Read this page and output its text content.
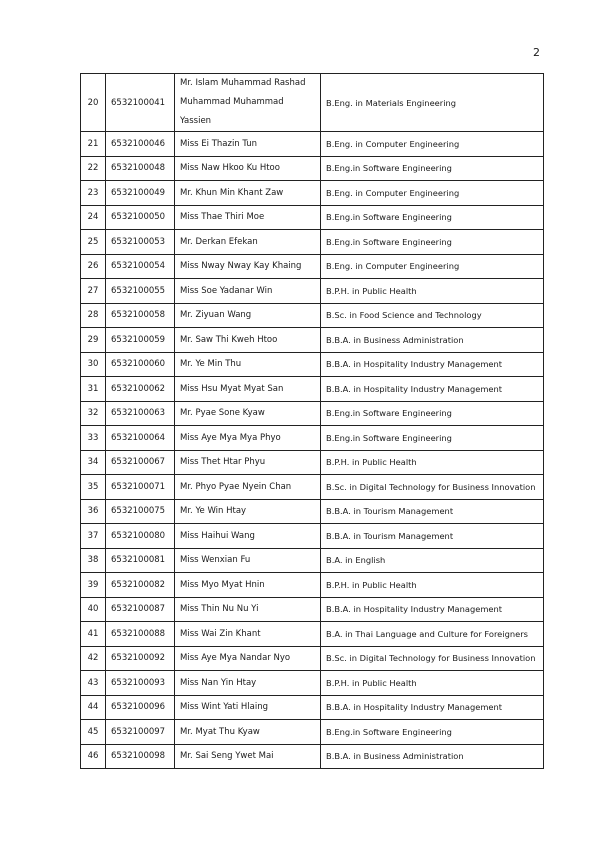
2
20	6532100041	Mr. Islam Muhammad Rashad Muhammad Muhammad Yassien	B.Eng. in Materials Engineering
21	6532100046	Miss Ei Thazin Tun	B.Eng. in Computer Engineering
22	6532100048	Miss Naw Hkoo Ku Htoo	B.Eng.in Software Engineering
23	6532100049	Mr. Khun Min Khant Zaw	B.Eng. in Computer Engineering
24	6532100050	Miss Thae Thiri Moe	B.Eng.in Software Engineering
25	6532100053	Mr. Derkan Efekan	B.Eng.in Software Engineering
26	6532100054	Miss Nway Nway Kay Khaing	B.Eng. in Computer Engineering
27	6532100055	Miss Soe Yadanar Win	B.P.H. in Public Health
28	6532100058	Mr. Ziyuan Wang	B.Sc. in Food Science and Technology
29	6532100059	Mr. Saw Thi Kweh Htoo	B.B.A. in Business Administration
30	6532100060	Mr. Ye Min Thu	B.B.A. in Hospitality Industry Management
31	6532100062	Miss Hsu Myat Myat San	B.B.A. in Hospitality Industry Management
32	6532100063	Mr. Pyae Sone Kyaw	B.Eng.in Software Engineering
33	6532100064	Miss Aye Mya Mya Phyo	B.Eng.in Software Engineering
34	6532100067	Miss Thet Htar Phyu	B.P.H. in Public Health
35	6532100071	Mr. Phyo Pyae Nyein Chan	B.Sc. in Digital Technology for Business Innovation
36	6532100075	Mr. Ye Win Htay	B.B.A. in Tourism Management
37	6532100080	Miss Haihui Wang	B.B.A. in Tourism Management
38	6532100081	Miss Wenxian Fu	B.A. in English
39	6532100082	Miss Myo Myat Hnin	B.P.H. in Public Health
40	6532100087	Miss Thin Nu Nu Yi	B.B.A. in Hospitality Industry Management
41	6532100088	Miss Wai Zin Khant	B.A. in Thai Language and Culture for Foreigners
42	6532100092	Miss Aye Mya Nandar Nyo	B.Sc. in Digital Technology for Business Innovation
43	6532100093	Miss Nan Yin Htay	B.P.H. in Public Health
44	6532100096	Miss Wint Yati Hlaing	B.B.A. in Hospitality Industry Management
45	6532100097	Mr. Myat Thu Kyaw	B.Eng.in Software Engineering
46	6532100098	Mr. Sai Seng Ywet Mai	B.B.A. in Business Administration
